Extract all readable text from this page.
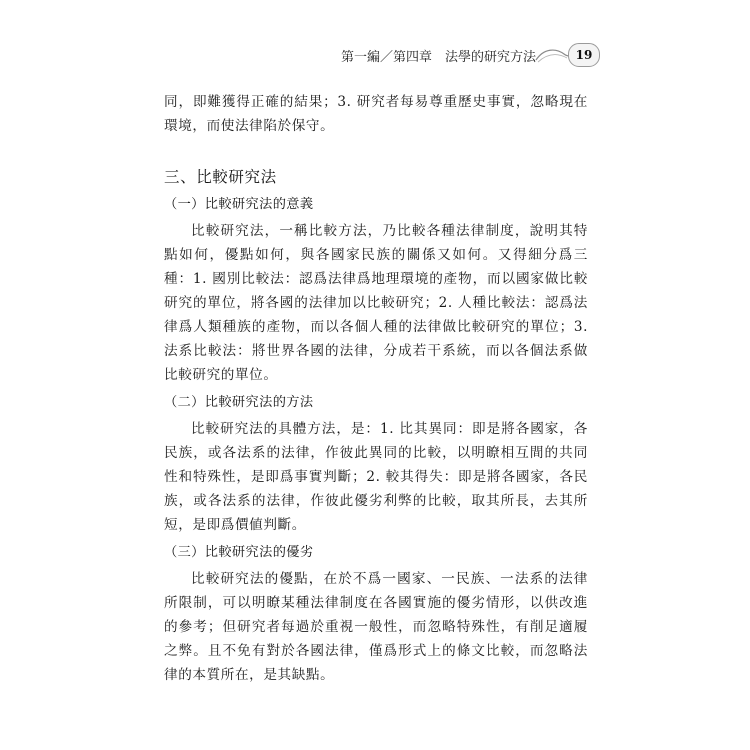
第一編／第四章　法學的研究方法	19

同，即難獲得正確的結果；3. 研究者每易尊重歷史事實，忽略現在環境，而使法律陷於保守。

三、比較研究法
（一）比較研究法的意義

比較研究法，一稱比較方法，乃比較各種法律制度，說明其特點如何，優點如何，與各國家民族的關係又如何。又得細分爲三種：1. 國別比較法：認爲法律爲地理環境的產物，而以國家做比較研究的單位，將各國的法律加以比較研究；2. 人種比較法：認爲法律爲人類種族的產物，而以各個人種的法律做比較研究的單位；3. 法系比較法：將世界各國的法律，分成若干系統，而以各個法系做比較研究的單位。

（二）比較研究法的方法

比較研究法的具體方法，是：1. 比其異同：即是將各國家，各民族，或各法系的法律，作彼此異同的比較，以明瞭相互間的共同性和特殊性，是即爲事實判斷；2. 較其得失：即是將各國家，各民族，或各法系的法律，作彼此優劣利弊的比較，取其所長，去其所短，是即爲價値判斷。

（三）比較研究法的優劣

比較研究法的優點，在於不爲一國家、一民族、一法系的法律所限制，可以明瞭某種法律制度在各國實施的優劣情形，以供改進的參考；但研究者每過於重視一般性，而忽略特殊性，有削足適履之弊。且不免有對於各國法律，僅爲形式上的條文比較，而忽略法律的本質所在，是其缺點。
